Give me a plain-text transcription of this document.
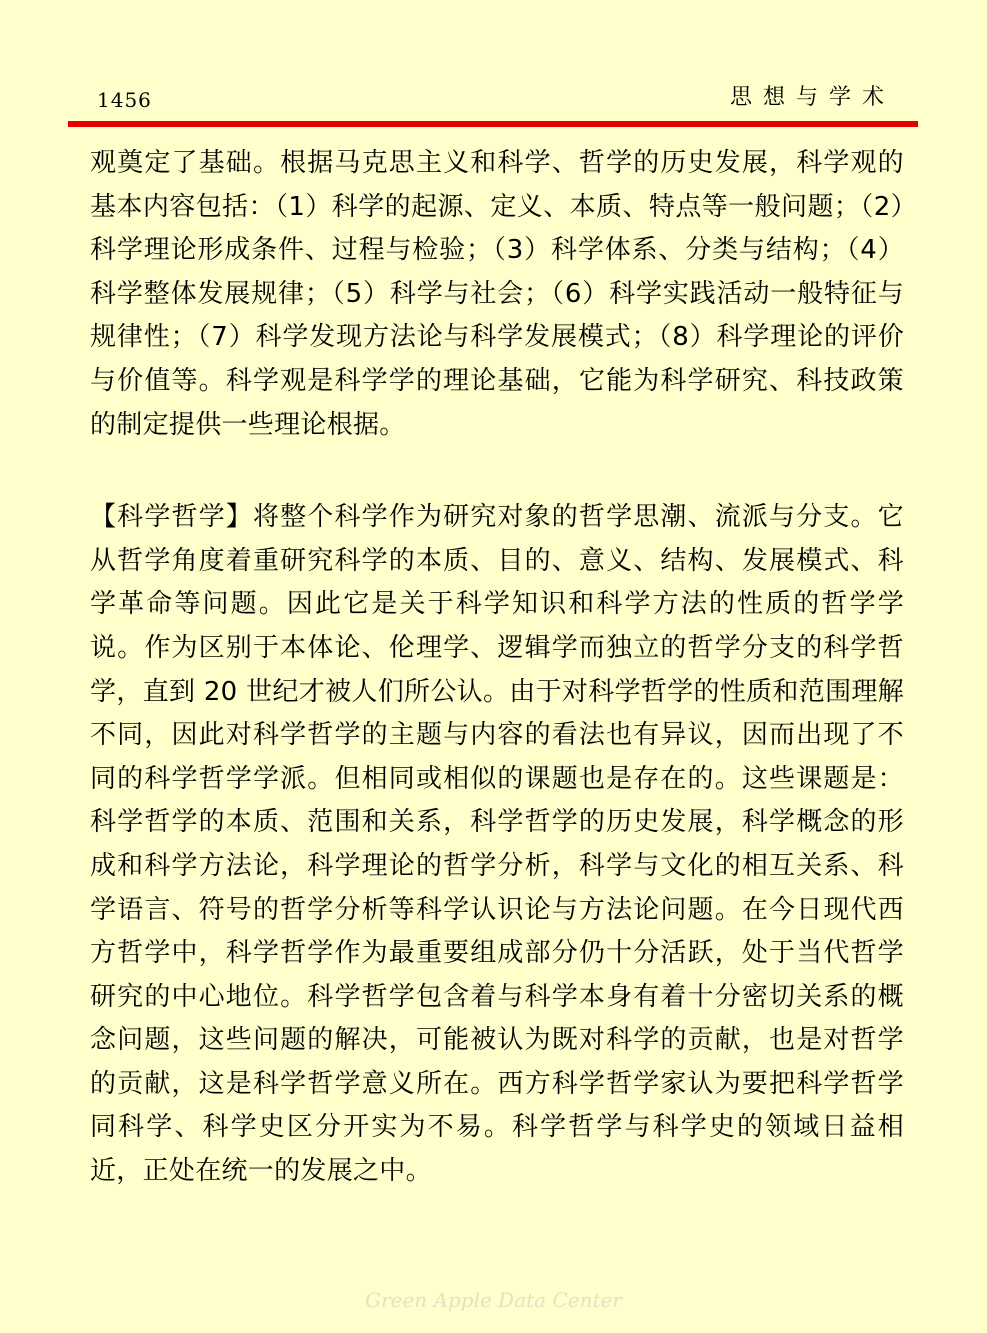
1456	思想与学术

观奠定了基础。根据马克思主义和科学、哲学的历史发展，科学观的基本内容包括：（1）科学的起源、定义、本质、特点等一般问题；（2）科学理论形成条件、过程与检验；（3）科学体系、分类与结构；（4）科学整体发展规律；（5）科学与社会；（6）科学实践活动一般特征与规律性；（7）科学发现方法论与科学发展模式；（8）科学理论的评价与价值等。科学观是科学学的理论基础，它能为科学研究、科技政策的制定提供一些理论根据。

【科学哲学】将整个科学作为研究对象的哲学思潮、流派与分支。它从哲学角度着重研究科学的本质、目的、意义、结构、发展模式、科学革命等问题。因此它是关于科学知识和科学方法的性质的哲学学说。作为区别于本体论、伦理学、逻辑学而独立的哲学分支的科学哲学，直到 20 世纪才被人们所公认。由于对科学哲学的性质和范围理解不同，因此对科学哲学的主题与内容的看法也有异议，因而出现了不同的科学哲学学派。但相同或相似的课题也是存在的。这些课题是：科学哲学的本质、范围和关系，科学哲学的历史发展，科学概念的形成和科学方法论，科学理论的哲学分析，科学与文化的相互关系、科学语言、符号的哲学分析等科学认识论与方法论问题。在今日现代西方哲学中，科学哲学作为最重要组成部分仍十分活跃，处于当代哲学研究的中心地位。科学哲学包含着与科学本身有着十分密切关系的概念问题，这些问题的解决，可能被认为既对科学的贡献，也是对哲学的贡献，这是科学哲学意义所在。西方科学哲学家认为要把科学哲学同科学、科学史区分开实为不易。科学哲学与科学史的领域日益相近，正处在统一的发展之中。

Green Apple Data Center
